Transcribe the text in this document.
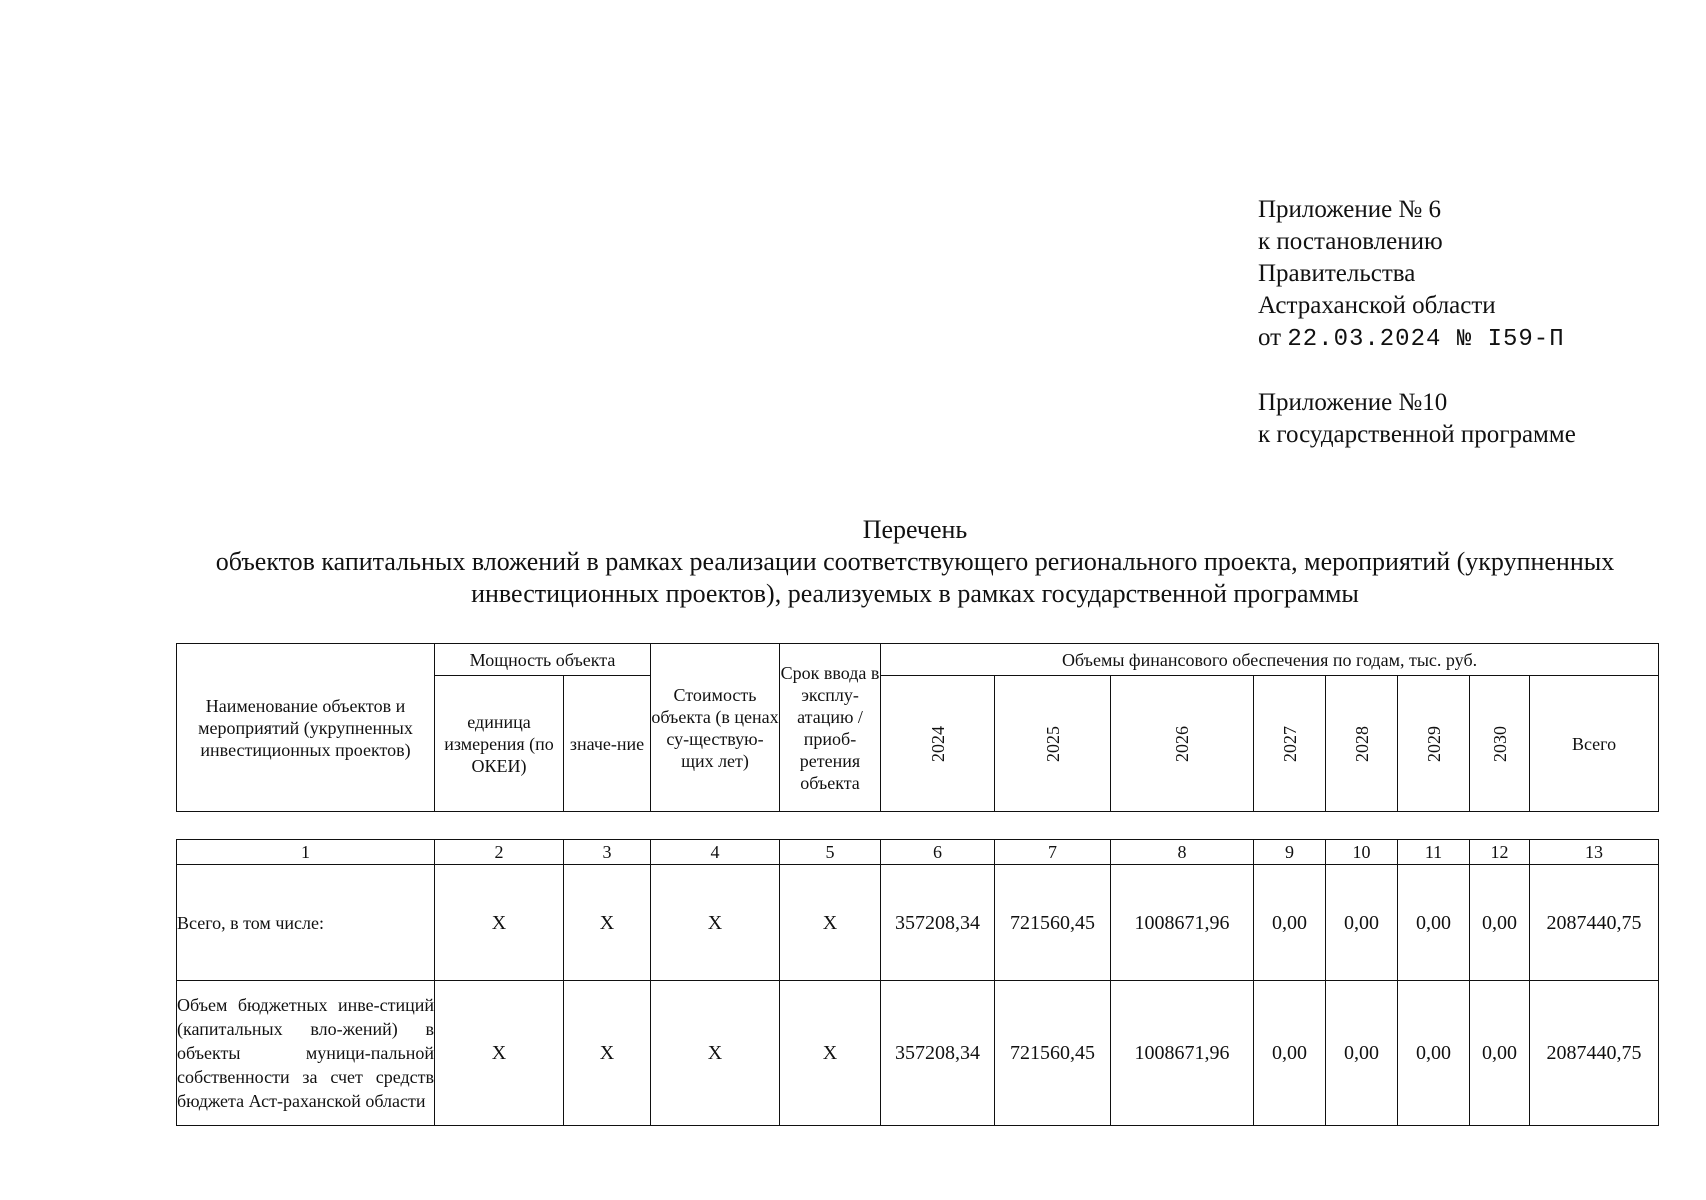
Приложение № 6
к постановлению
Правительства
Астраханской области
от 22.03.2024 № I59-П
Приложение №10
к государственной программе
Перечень
объектов капитальных вложений в рамках реализации соответствующего регионального проекта, мероприятий (укрупненных
инвестиционных проектов), реализуемых в рамках государственной программы
Наименование объектов и мероприятий (укрупненных инвестиционных проектов)	Мощность объекта		Стоимость объекта (в ценах су-ществую-щих лет)	Срок ввода в эксплу-атацию / приоб-ретения объекта	Объемы финансового обеспечения по годам, тыс. руб.							
	единица измерения (по ОКЕИ)	значе-ние			2024	2025	2026	2027	2028	2029	2030	Всего
1	2	3	4	5	6	7	8	9	10	11	12	13
Всего, в том числе:	Х	Х	Х	Х	357208,34	721560,45	1008671,96	0,00	0,00	0,00	0,00	2087440,75
Объем бюджетных инве-стиций (капитальных вло-жений) в объекты муници-пальной собственности за счет средств бюджета Аст-раханской области	Х	Х	Х	Х	357208,34	721560,45	1008671,96	0,00	0,00	0,00	0,00	2087440,75
